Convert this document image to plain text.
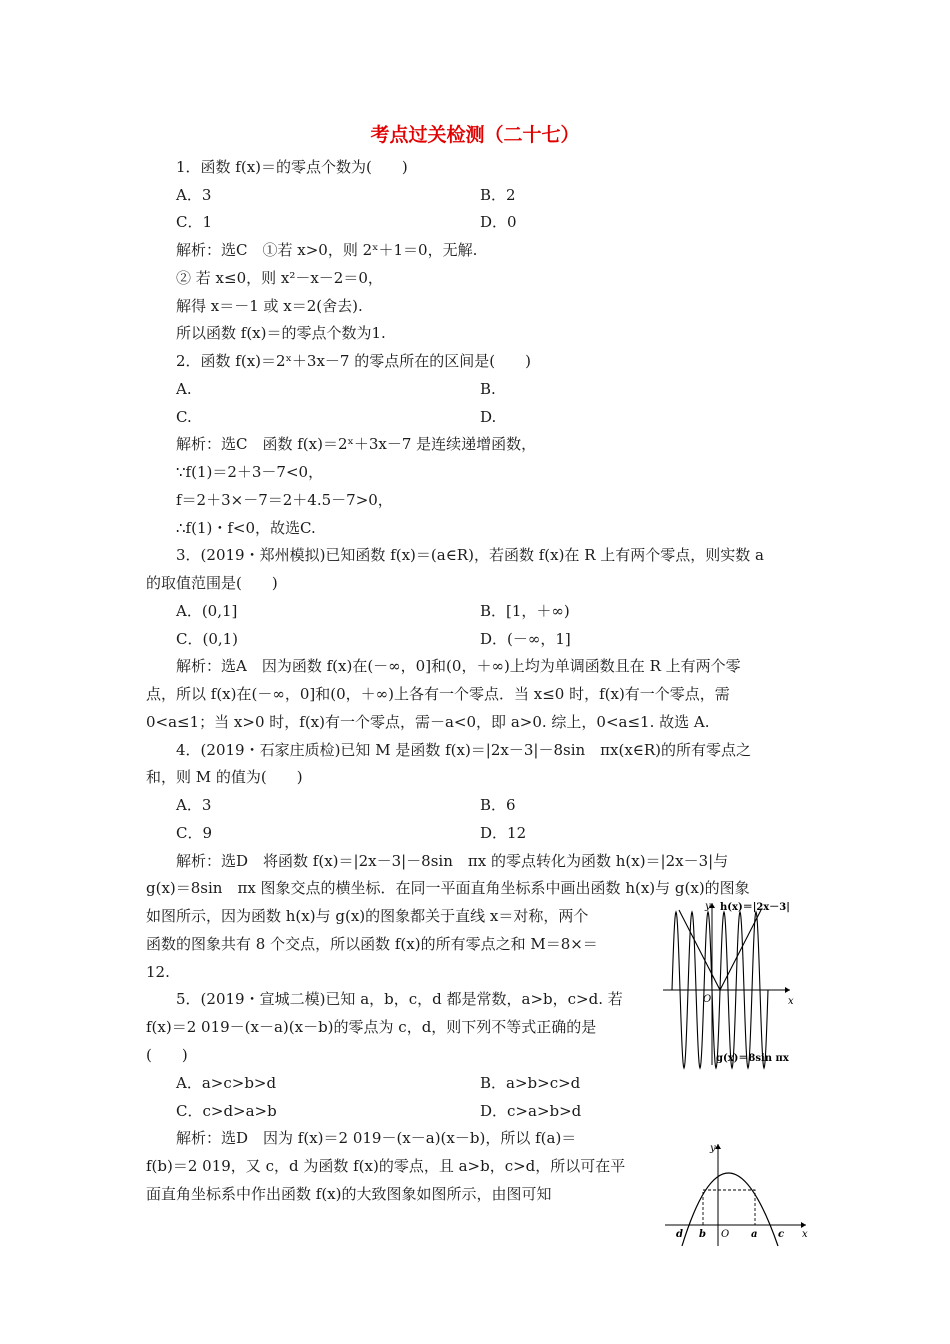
考点过关检测（二十七）
1．函数 f(x)＝的零点个数为(　　)
A．3	B．2
C．1	D．0
解析：选C　①若 x>0，则 2ˣ＋1＝0，无解.
② 若 x≤0，则 x²－x－2＝0，
解得 x＝－1 或 x＝2(舍去).
所以函数 f(x)＝的零点个数为1.
2．函数 f(x)＝2ˣ＋3x－7 的零点所在的区间是(　　)
A.	B.
C.	D.
解析：选C　函数 f(x)＝2ˣ＋3x－7 是连续递增函数，
∵f(1)＝2＋3－7<0，
f＝2＋3×－7＝2＋4.5－7>0，
∴f(1)・f<0，故选C.
3．(2019・郑州模拟)已知函数 f(x)＝(a∈R)，若函数 f(x)在 R 上有两个零点，则实数 a
的取值范围是(　　)
A．(0,1]	B．[1，＋∞)
C．(0,1)	D．(－∞，1]
解析：选A　因为函数 f(x)在(－∞，0]和(0，＋∞)上均为单调函数且在 R 上有两个零
点，所以 f(x)在(－∞，0]和(0，＋∞)上各有一个零点．当 x≤0 时，f(x)有一个零点，需
0<a≤1；当 x>0 时，f(x)有一个零点，需－a<0，即 a>0. 综上，0<a≤1. 故选 A.
4．(2019・石家庄质检)已知 M 是函数 f(x)＝|2x－3|－8sin　πx(x∈R)的所有零点之
和，则 M 的值为(　　)
A．3	B．6
C．9	D．12
解析：选D　将函数 f(x)＝|2x－3|－8sin　πx 的零点转化为函数 h(x)＝|2x－3|与
g(x)＝8sin　πx 图象交点的横坐标．在同一平面直角坐标系中画出函数 h(x)与 g(x)的图象
如图所示，因为函数 h(x)与 g(x)的图象都关于直线 x＝对称，两个
函数的图象共有 8 个交点，所以函数 f(x)的所有零点之和 M＝8×＝
12.
5．(2019・宣城二模)已知 a，b，c，d 都是常数，a>b，c>d. 若
f(x)＝2 019－(x－a)(x－b)的零点为 c，d，则下列不等式正确的是
(　　)
A．a>c>b>d	B．a>b>c>d
C．c>d>a>b	D．c>a>b>d
解析：选D　因为 f(x)＝2 019－(x－a)(x－b)，所以 f(a)＝
f(b)＝2 019，又 c，d 为函数 f(x)的零点，且 a>b，c>d，所以可在平
面直角坐标系中作出函数 f(x)的大致图象如图所示，由图可知
y
x
O
h(x)＝|2x－3|
g(x)＝8sin πx
y
x
O
d b	a c
